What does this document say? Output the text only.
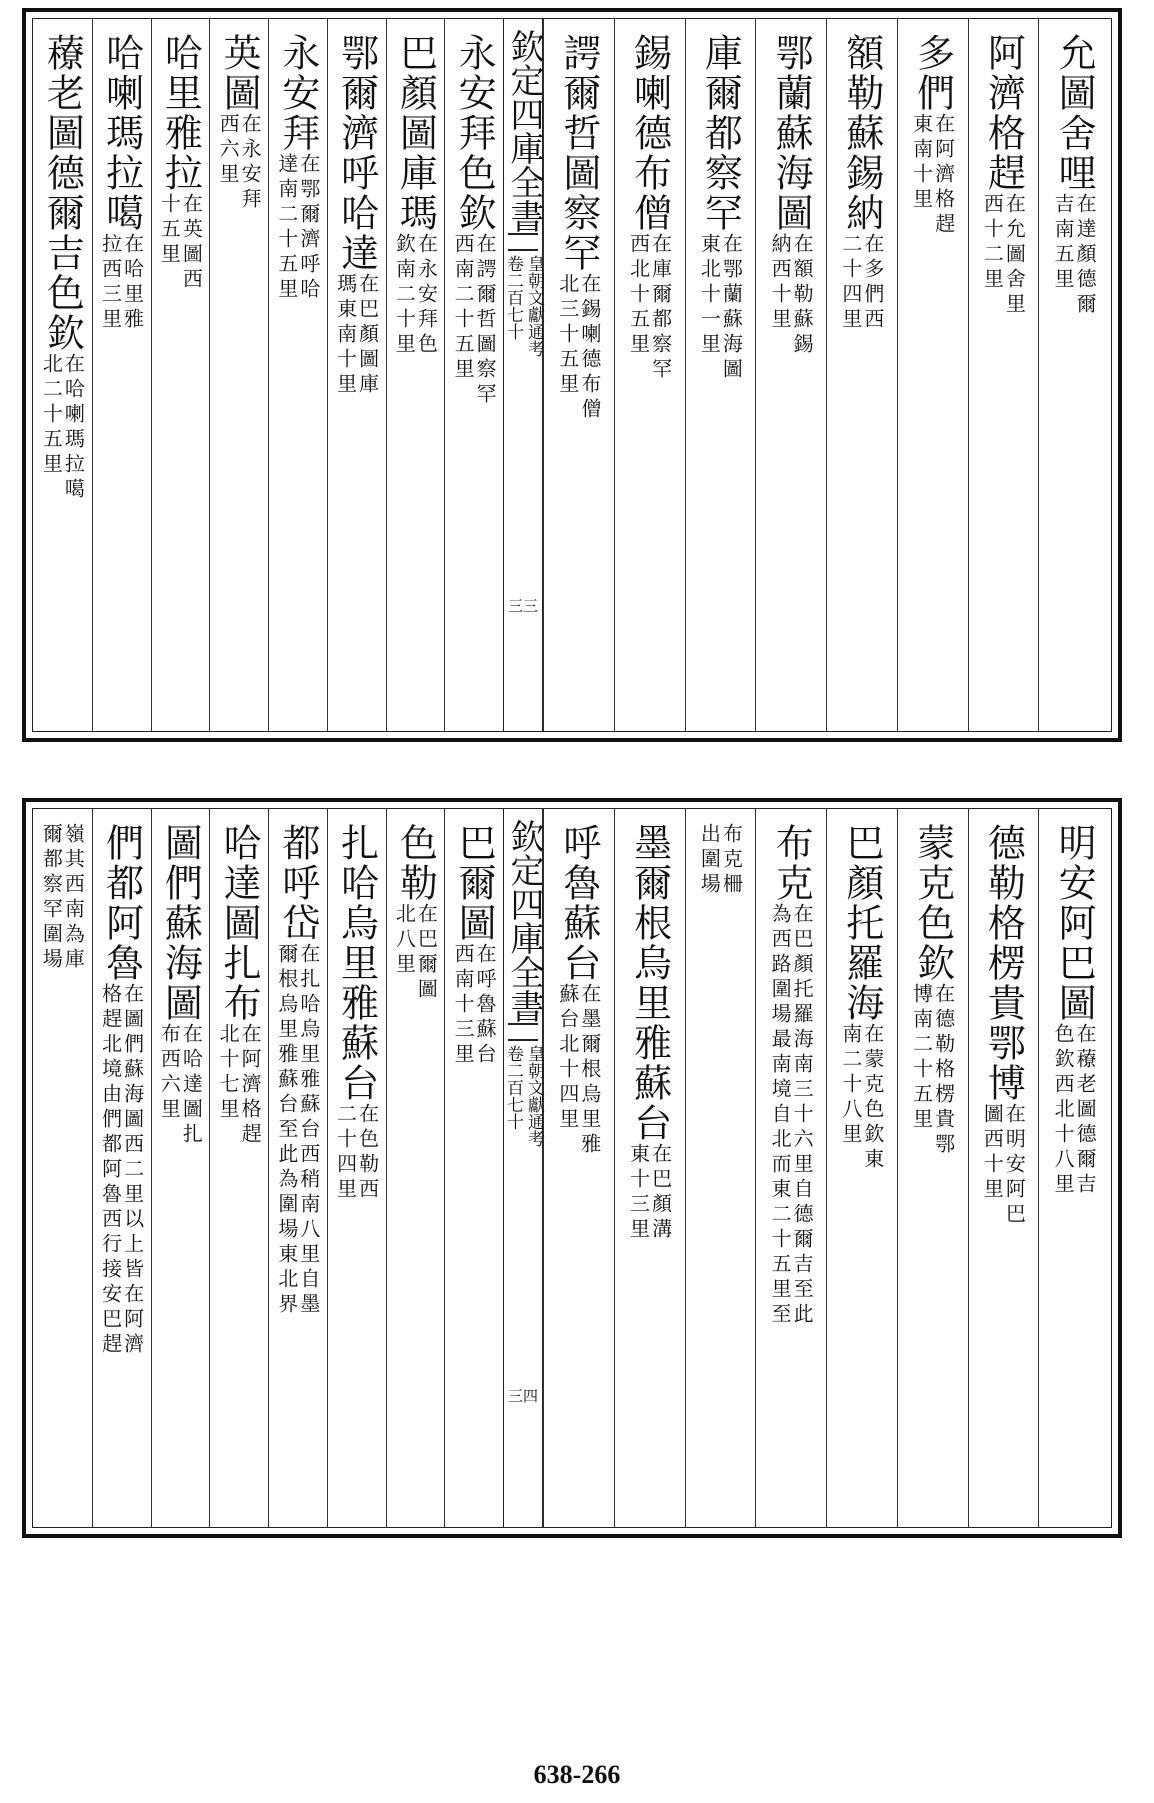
永安拜色欽
在諤爾哲圖察罕
西南二十五里
巴顏圖庫瑪
在永安拜色
欽南二十里
鄂爾濟呼哈達
在巴顏圖庫
瑪東南十里
永安拜
在鄂爾濟呼哈
達南二十五里
英圖
在永安拜
西六里
哈里雅拉
在英圖西
十五里
哈喇瑪拉噶
在哈里雅
拉西三里
䕩老圖德爾吉色欽
在哈喇瑪拉噶
北二十五里
允圖舍哩
在達顏德爾
吉南五里
阿濟格趕
在允圖舍里
西十二里
多們
在阿濟格趕
東南十里
額勒蘇錫納
在多們西
二十四里
鄂蘭蘇海圖
在額勒蘇錫
納西十里
庫爾都察罕
在鄂蘭蘇海圖
東北十一里
錫喇德布僧
在庫爾都察罕
西北十五里
諤爾哲圖察罕
在錫喇德布僧
北三十五里
欽定四庫全書
卷二百七十 皇朝文獻通考
三三
巴爾圖
在呼魯蘇台
西南十三里
色勒
在巴爾圖
北八里
扎哈烏里雅蘇台
在色勒西
二十四里
都呼岱
在扎哈烏里雅蘇台西稍南八里自墨
爾根烏里雅蘇台至此為圍場東北界
哈達圖扎布
在阿濟格趕
北十七里
圖們蘇海圖
在哈達圖扎
布西六里
們都阿魯
在圖們蘇海圖西二里以上皆在阿濟
格趕北境由們都阿魯西行接安巴趕
嶺其西南為庫
爾都察罕圍場	明安阿巴圖
在䕩老圖德爾吉
色欽西北十八里
德勒格楞貴鄂博
在明安阿巴
圖西十里
蒙克色欽
在德勒格楞貴鄂
博南二十五里
巴顏托羅海
在蒙克色欽東
南二十八里
布克
在巴顏托羅海南三十六里自德爾吉至此
為西路圍場最南境自北而東二十五里至
布克柵
出圍場
墨爾根烏里雅蘇台
在巴顏溝
東十三里
呼魯蘇台
在墨爾根烏里雅
蘇台北十四里
欽定四庫全書
卷二百七十 皇朝文獻通考
三四
638-266
